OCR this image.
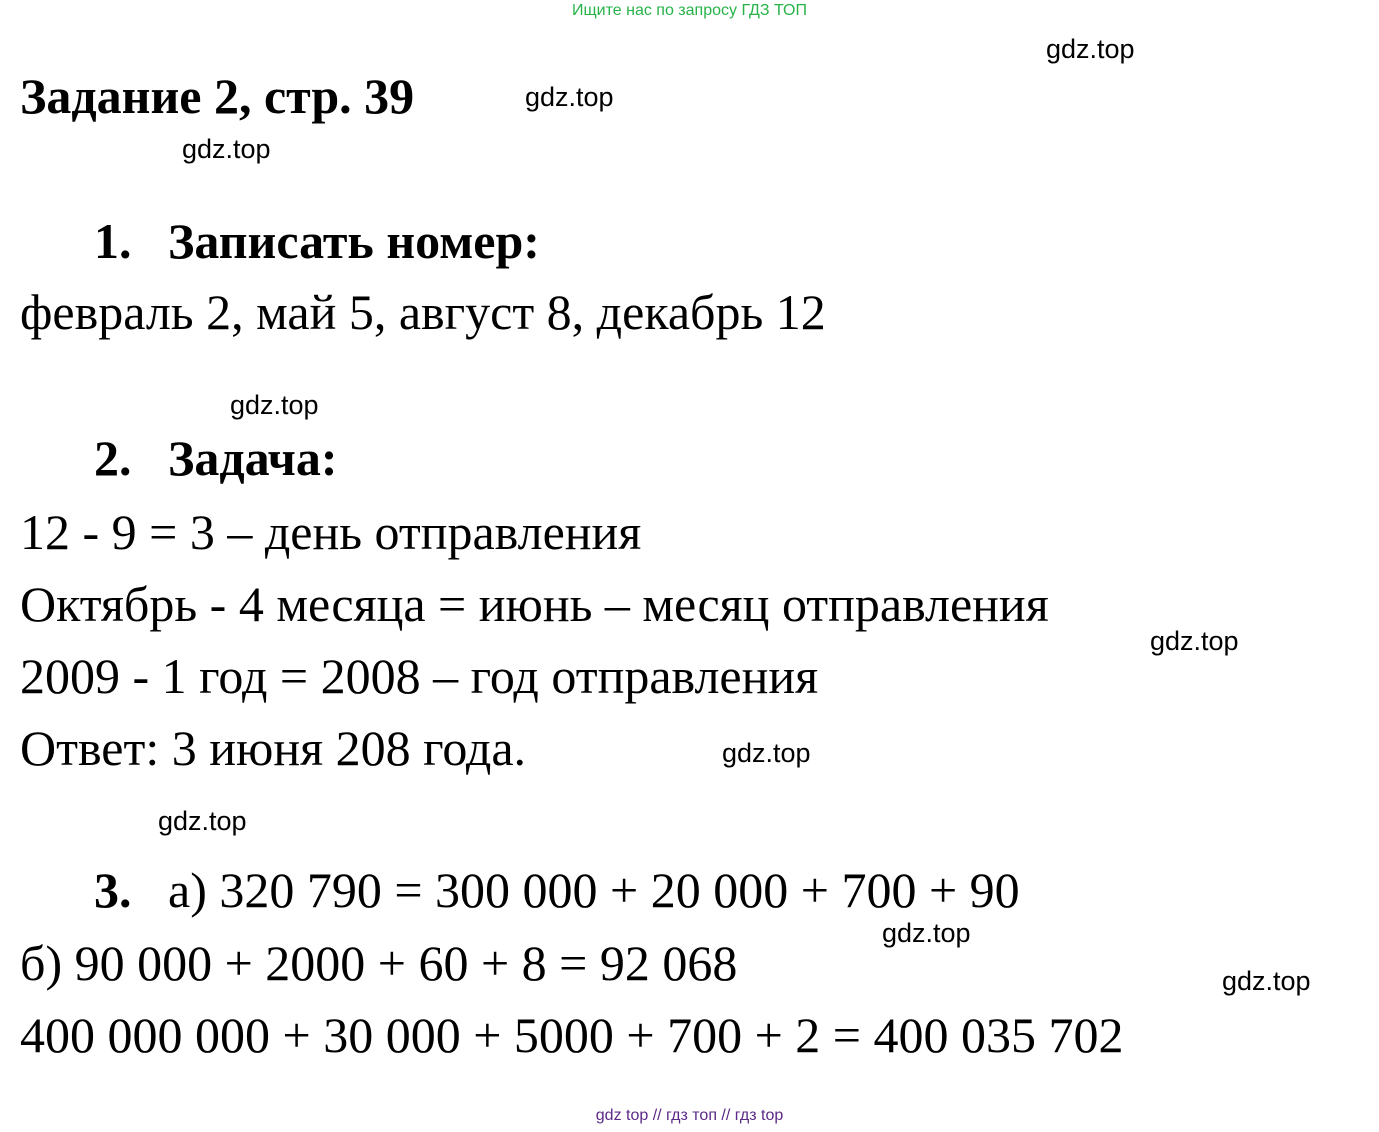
Ищите нас по запросу ГДЗ ТОП
Задание 2, стр. 39
gdz.top
gdz.top
gdz.top
gdz.top
gdz.top
gdz.top
gdz.top
gdz.top
gdz.top
1. Записать номер:
февраль 2, май 5, август 8, декабрь 12
2. Задача:
12 - 9 = 3 – день отправления
Октябрь - 4 месяца = июнь – месяц отправления
2009 - 1 год = 2008 – год отправления
Ответ: 3 июня 208 года.
3. а) 320 790 = 300 000 + 20 000 + 700 + 90
б) 90 000 + 2000 + 60 + 8 = 92 068
400 000 000 + 30 000 + 5000 + 700 + 2 = 400 035 702
gdz top // гдз топ // гдз top
